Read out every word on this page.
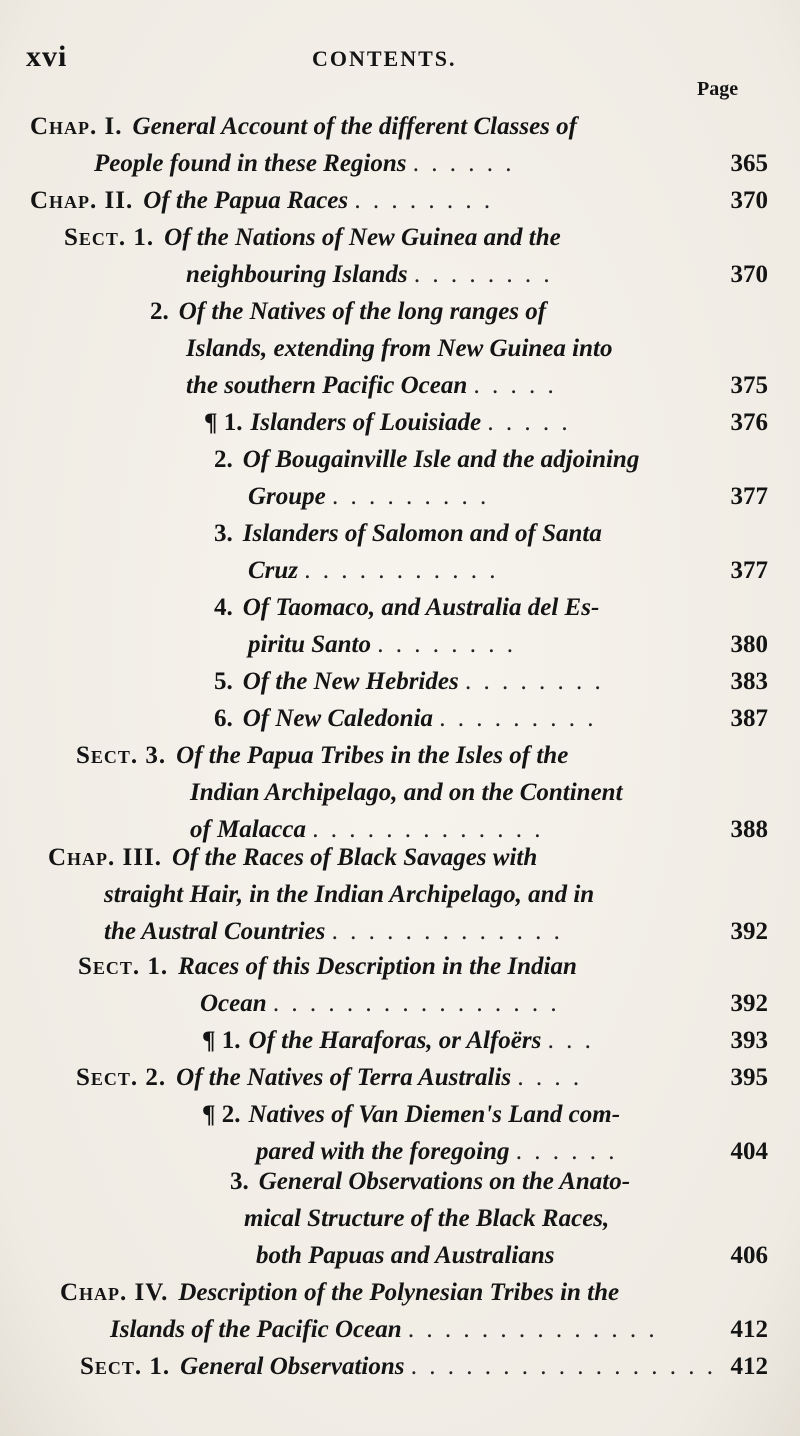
xvi	CONTENTS.
Page
Chap. I. General Account of the different Classes of
People found in these Regions . . . . . .	365
Chap. II. Of the Papua Races . . . . . . . .	370
Sect. 1. Of the Nations of New Guinea and the
neighbouring Islands . . . . . . . .	370
2. Of the Natives of the long ranges of
Islands, extending from New Guinea into
the southern Pacific Ocean . . . . .	375
¶ 1. Islanders of Louisiade . . . . .	376
2. Of Bougainville Isle and the adjoining
Groupe . . . . . . . . .	377
3. Islanders of Salomon and of Santa
Cruz . . . . . . . . . . .	377
4. Of Taomaco, and Australia del Es-
piritu Santo . . . . . . . .	380
5. Of the New Hebrides . . . . . . . .	383
6. Of New Caledonia . . . . . . . . .	387
Sect. 3. Of the Papua Tribes in the Isles of the
Indian Archipelago, and on the Continent
of Malacca . . . . . . . . . . . . .	388
Chap. III. Of the Races of Black Savages with
straight Hair, in the Indian Archipelago, and in
the Austral Countries . . . . . . . . . . . . .	392
Sect. 1. Races of this Description in the Indian
Ocean . . . . . . . . . . . . . . . .	392
¶ 1. Of the Haraforas, or Alfoërs . . .	393
Sect. 2. Of the Natives of Terra Australis . . . .	395
¶ 2. Natives of Van Diemen's Land com-
pared with the foregoing . . . . . .	404
3. General Observations on the Anato-
mical Structure of the Black Races,
both Papuas and Australians	406
Chap. IV. Description of the Polynesian Tribes in the
Islands of the Pacific Ocean . . . . . . . . . . . . . .	412
Sect. 1. General Observations . . . . . . . . . . . . . . . . . 412
